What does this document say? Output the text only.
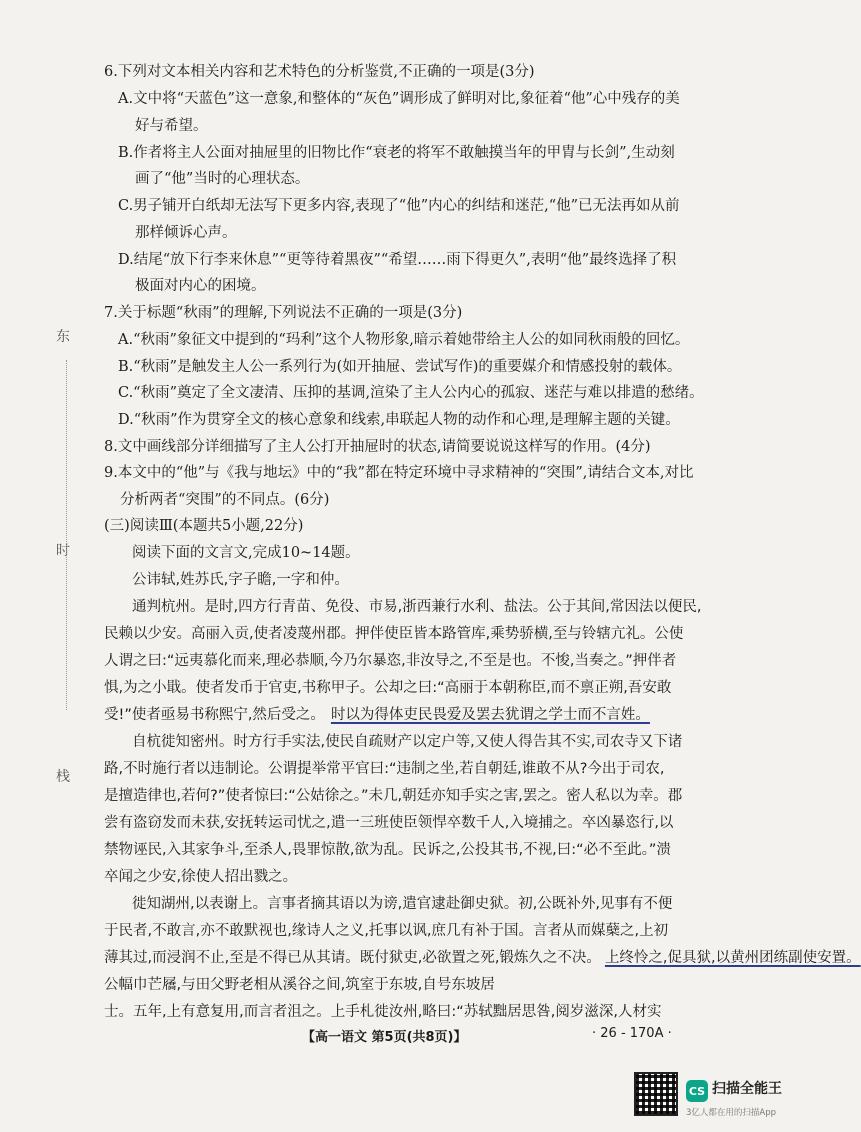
6.下列对文本相关内容和艺术特色的分析鉴赏,不正确的一项是(3分)
A.文中将“天蓝色”这一意象,和整体的“灰色”调形成了鲜明对比,象征着“他”心中残存的美
好与希望。
B.作者将主人公面对抽屉里的旧物比作“衰老的将军不敢触摸当年的甲胄与长剑”,生动刻
画了“他”当时的心理状态。
C.男子铺开白纸却无法写下更多内容,表现了“他”内心的纠结和迷茫,“他”已无法再如从前
那样倾诉心声。
D.结尾“放下行李来休息”“更等待着黑夜”“希望……雨下得更久”,表明“他”最终选择了积
极面对内心的困境。
7.关于标题“秋雨”的理解,下列说法不正确的一项是(3分)
A.“秋雨”象征文中提到的“玛利”这个人物形象,暗示着她带给主人公的如同秋雨般的回忆。
B.“秋雨”是触发主人公一系列行为(如开抽屉、尝试写作)的重要媒介和情感投射的载体。
C.“秋雨”奠定了全文凄清、压抑的基调,渲染了主人公内心的孤寂、迷茫与难以排遣的愁绪。
D.“秋雨”作为贯穿全文的核心意象和线索,串联起人物的动作和心理,是理解主题的关键。
8.文中画线部分详细描写了主人公打开抽屉时的状态,请简要说说这样写的作用。(4分)
9.本文中的“他”与《我与地坛》中的“我”都在特定环境中寻求精神的“突围”,请结合文本,对比
分析两者“突围”的不同点。(6分)
(三)阅读Ⅲ(本题共5小题,22分)
阅读下面的文言文,完成10~14题。
公讳轼,姓苏氏,字子瞻,一字和仲。
通判杭州。是时,四方行青苗、免役、市易,浙西兼行水利、盐法。公于其间,常因法以便民,
民赖以少安。高丽入贡,使者凌蔑州郡。押伴使臣皆本路管库,乘势骄横,至与铃辖亢礼。公使
人谓之曰:“远夷慕化而来,理必恭顺,今乃尔暴恣,非汝导之,不至是也。不悛,当奏之。”押伴者
惧,为之小戢。使者发币于官吏,书称甲子。公却之曰:“高丽于本朝称臣,而不禀正朔,吾安敢
受!”使者亟易书称熙宁,然后受之。 时以为得体吏民畏爱及罢去犹谓之学士而不言姓。
自杭徙知密州。时方行手实法,使民自疏财产以定户等,又使人得告其不实,司农寺又下诸
路,不时施行者以违制论。公谓提举常平官曰:“违制之坐,若自朝廷,谁敢不从?今出于司农,
是擅造律也,若何?”使者惊曰:“公姑徐之。”未几,朝廷亦知手实之害,罢之。密人私以为幸。郡
尝有盗窃发而未获,安抚转运司忧之,遣一三班使臣领悍卒数千人,入境捕之。卒凶暴恣行,以
禁物诬民,入其家争斗,至杀人,畏罪惊散,欲为乱。民诉之,公投其书,不视,曰:“必不至此。”溃
卒闻之少安,徐使人招出戮之。
徙知湖州,以表谢上。言事者摘其语以为谤,遣官逮赴御史狱。初,公既补外,见事有不便
于民者,不敢言,亦不敢默视也,缘诗人之义,托事以讽,庶几有补于国。言者从而媒蘖之,上初
薄其过,而浸润不止,至是不得已从其请。既付狱吏,必欲置之死,锻炼久之不决。 上终怜之,促具狱,以黄州团练副使安置。
公幅巾芒屩,与田父野老相从溪谷之间,筑室于东坡,自号东坡居
士。五年,上有意复用,而言者沮之。上手札徙汝州,略曰:“苏轼黜居思咎,阅岁滋深,人材实
【高一语文 第5页(共8页)】	· 26 - 170A ·
东
时
栈
CS 扫描全能王
3亿人都在用的扫描App
